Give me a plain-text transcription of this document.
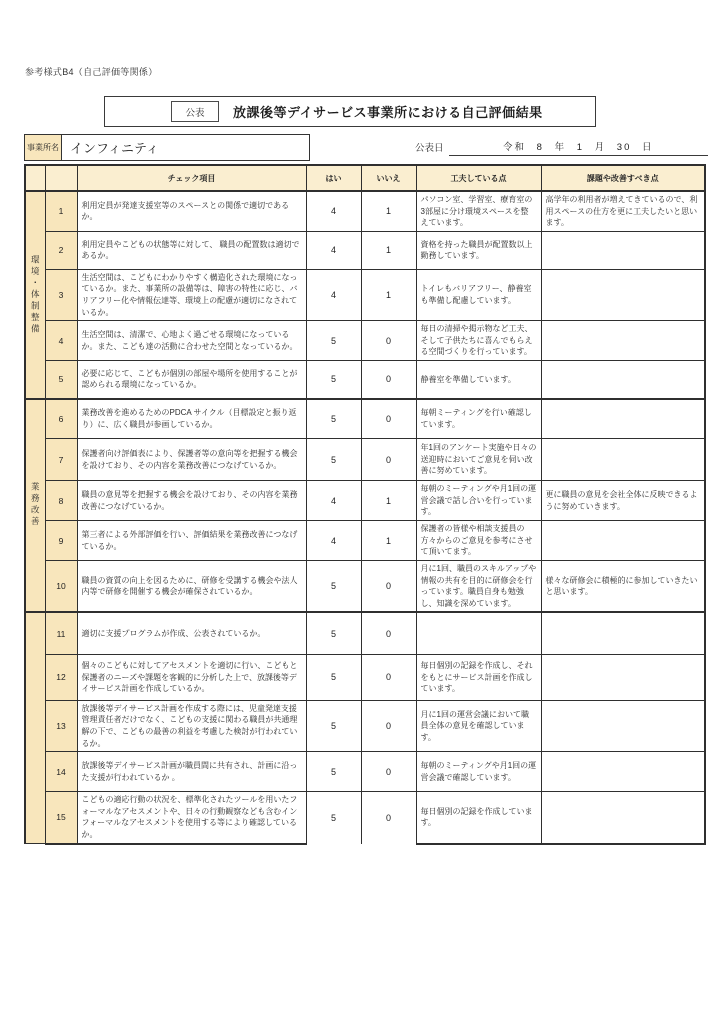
参考様式B4（自己評価等関係）
公表	放課後等デイサービス事業所における自己評価結果
事業所名 インフィニティ	公表日	令和 8 年 1 月 30 日
		チェック項目	はい	いいえ	工夫している点	課題や改善すべき点
環境・体制整備	1	利用定員が発達支援室等のスペースとの関係で適切であるか。	4	1	パソコン室、学習室、療育室の3部屋に分け環境スペースを整えています。	高学年の利用者が増えてきているので、利用スペースの仕方を更に工夫したいと思います。
	2	利用定員やこどもの状態等に対して、 職員の配置数は適切であるか。	4	1	資格を持った職員が配置数以上勤務しています。	
	3	生活空間は、こどもにわかりやすく構造化された環境になっているか。また、事業所の設備等は、障害の特性に応じ、バリアフリー化や情報伝達等、環境上の配慮が適切になされているか。	4	1	トイレもバリアフリー、静養室も準備し配慮しています。	
	4	生活空間は、清潔で、心地よく過ごせる環境になっているか。また、こども達の活動に合わせた空間となっているか。	5	0	毎日の清掃や掲示物など工夫、そして子供たちに喜んでもらえる空間づくりを行っています。	
	5	必要に応じて、こどもが個別の部屋や場所を使用することが認められる環境になっているか。	5	0	静養室を準備しています。	
業務改善	6	業務改善を進めるためのPDCA サイクル（目標設定と振り返り）に、広く職員が参画しているか。	5	0	毎朝ミーティングを行い確認しています。	
	7	保護者向け評価表により、保護者等の意向等を把握する機会を設けており、その内容を業務改善につなげているか。	5	0	年1回のアンケート実施や日々の送迎時においてご意見を伺い改善に努めています。	
	8	職員の意見等を把握する機会を設けており、その内容を業務改善につなげているか。	4	1	毎朝のミーティングや月1回の運営会議で話し合いを行っています。	更に職員の意見を会社全体に反映できるように努めていきます。
	9	第三者による外部評価を行い、評価結果を業務改善につなげているか。	4	1	保護者の皆様や相談支援員の方々からのご意見を参考にさせて頂いてます。	
	10	職員の資質の向上を図るために、研修を受講する機会や法人内等で研修を開催する機会が確保されているか。	5	0	月に1回、職員のスキルアップや情報の共有を目的に研修会を行っています。職員自身も勉強し、知識を深めています。	様々な研修会に積極的に参加していきたいと思います。
	11	適切に支援プログラムが作成、公表されているか。	5	0		
	12	個々のこどもに対してアセスメントを適切に行い、こどもと保護者のニーズや課題を客観的に分析した上で、放課後等デイサービス計画を作成しているか。	5	0	毎日個別の記録を作成し、それをもとにサービス計画を作成しています。	
	13	放課後等デイサービス計画を作成する際には、児童発達支援管理責任者だけでなく、こどもの支援に関わる職員が共通理解の下で、こどもの最善の利益を考慮した検討が行われているか。	5	0	月に1回の運営会議において職員全体の意見を確認しています。	
	14	放課後等デイサービス計画が職員間に共有され、計画に沿った支援が行われているか 。	5	0	毎朝のミーティングや月1回の運営会議で確認しています。	
	15	こどもの適応行動の状況を、標準化されたツールを用いたフォーマルなアセスメントや、日々の行動観察なども含むインフォーマルなアセスメントを使用する等により確認しているか。	5	0	毎日個別の記録を作成しています。	
